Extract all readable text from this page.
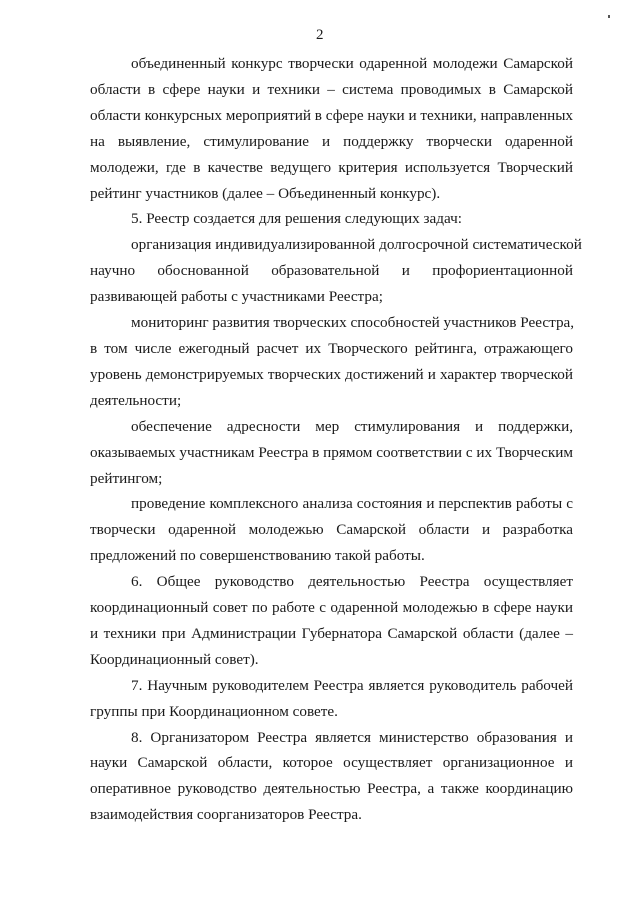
2

объединенный конкурс творчески одаренной молодежи Самарской
области в сфере науки и техники – система проводимых в Самарской
области конкурсных мероприятий в сфере науки и техники, направленных
на выявление, стимулирование и поддержку творчески одаренной
молодежи, где в качестве ведущего критерия используется Творческий
рейтинг участников (далее – Объединенный конкурс).

5. Реестр создается для решения следующих задач:

организация индивидуализированной долгосрочной систематической
научно обоснованной образовательной и профориентационной
развивающей работы с участниками Реестра;

мониторинг развития творческих способностей участников Реестра,
в том числе ежегодный расчет их Творческого рейтинга, отражающего
уровень демонстрируемых творческих достижений и характер творческой
деятельности;

обеспечение адресности мер стимулирования и поддержки,
оказываемых участникам Реестра в прямом соответствии с их Творческим
рейтингом;

проведение комплексного анализа состояния и перспектив работы с
творчески одаренной молодежью Самарской области и разработка
предложений по совершенствованию такой работы.

6. Общее руководство деятельностью Реестра осуществляет
координационный совет по работе с одаренной молодежью в сфере науки
и техники при Администрации Губернатора Самарской области (далее –
Координационный совет).

7. Научным руководителем Реестра является руководитель рабочей
группы при Координационном совете.

8. Организатором Реестра является министерство образования и
науки Самарской области, которое осуществляет организационное и
оперативное руководство деятельностью Реестра, а также координацию
взаимодействия соорганизаторов Реестра.
